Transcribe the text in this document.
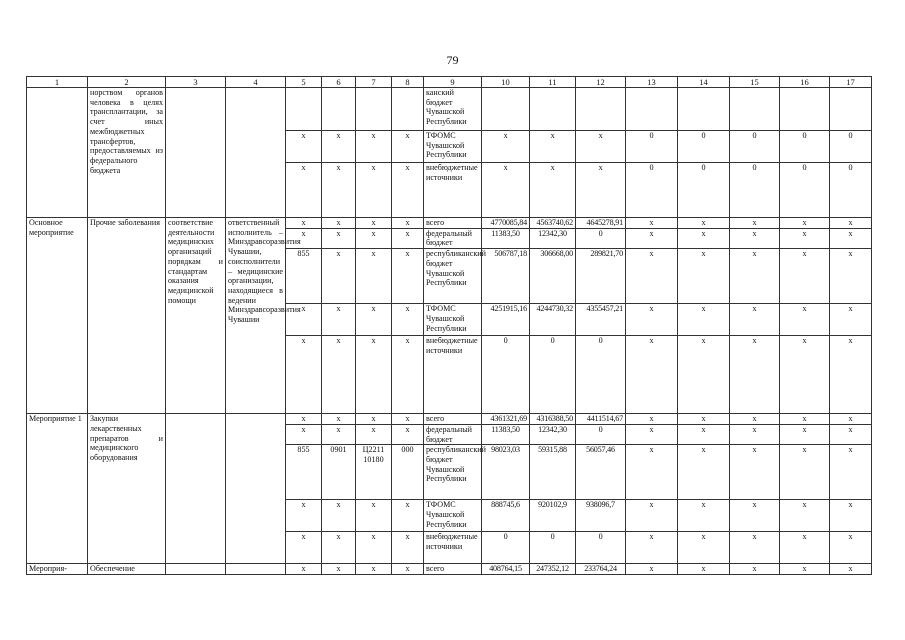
79
1	2	3	4	5	6	7	8	9	10	11	12	13	14	15	16	17
	норством органов человека в целях трансплантации, за счет иных межбюджетных трансфертов, предоставляемых из федерального бюджета							канский бюджет Чувашской Республики								
				x	x	x	x	ТФОМС Чувашской Республики	x	x	x	0	0	0	0	0
				x	x	x	x	внебюджетные источники	x	x	x	0	0	0	0	0
Основное мероприятие	Прочие заболевания	соответствие деятельности медицинских организаций порядкам и стандартам оказания медицинской помощи	ответственный исполнитель – Минздравсоразвития Чувашии, соисполнители – медицинские организации, находящиеся в ведении Минздравсоразвития Чувашии	x	x	x	x	всего	4770085,84	4563740,62	4645278,91	x	x	x	x	x
				x	x	x	x	федеральный бюджет	11383,50	12342,30	0	x	x	x	x	x
				855	x	x	x	республиканский бюджет Чувашской Республики	506787,18	306668,00	289821,70	x	x	x	x	x
				x	x	x	x	ТФОМС Чувашской Республики	4251915,16	4244730,32	4355457,21	x	x	x	x	x
				x	x	x	x	внебюджетные источники	0	0	0	x	x	x	x	x
Мероприятие 1	Закупки лекарственных препаратов и медицинского оборудования			x	x	x	x	всего	4361321,69	4316388,50	4411514,67	x	x	x	x	x
				x	x	x	x	федеральный бюджет	11383,50	12342,30	0	x	x	x	x	x
				855	0901	Ц2211 10180	000	республиканский бюджет Чувашской Республики	98023,03	59315,88	56057,46	x	x	x	x	x
				x	x	x	x	ТФОМС Чувашской Республики	888745,6	920102,9	938096,7	x	x	x	x	x
				x	x	x	x	внебюджетные источники	0	0	0	x	x	x	x	x
Мероприя-	Обеспечение			x	x	x	x	всего	408764,15	247352,12	233764,24	x	x	x	x	x
